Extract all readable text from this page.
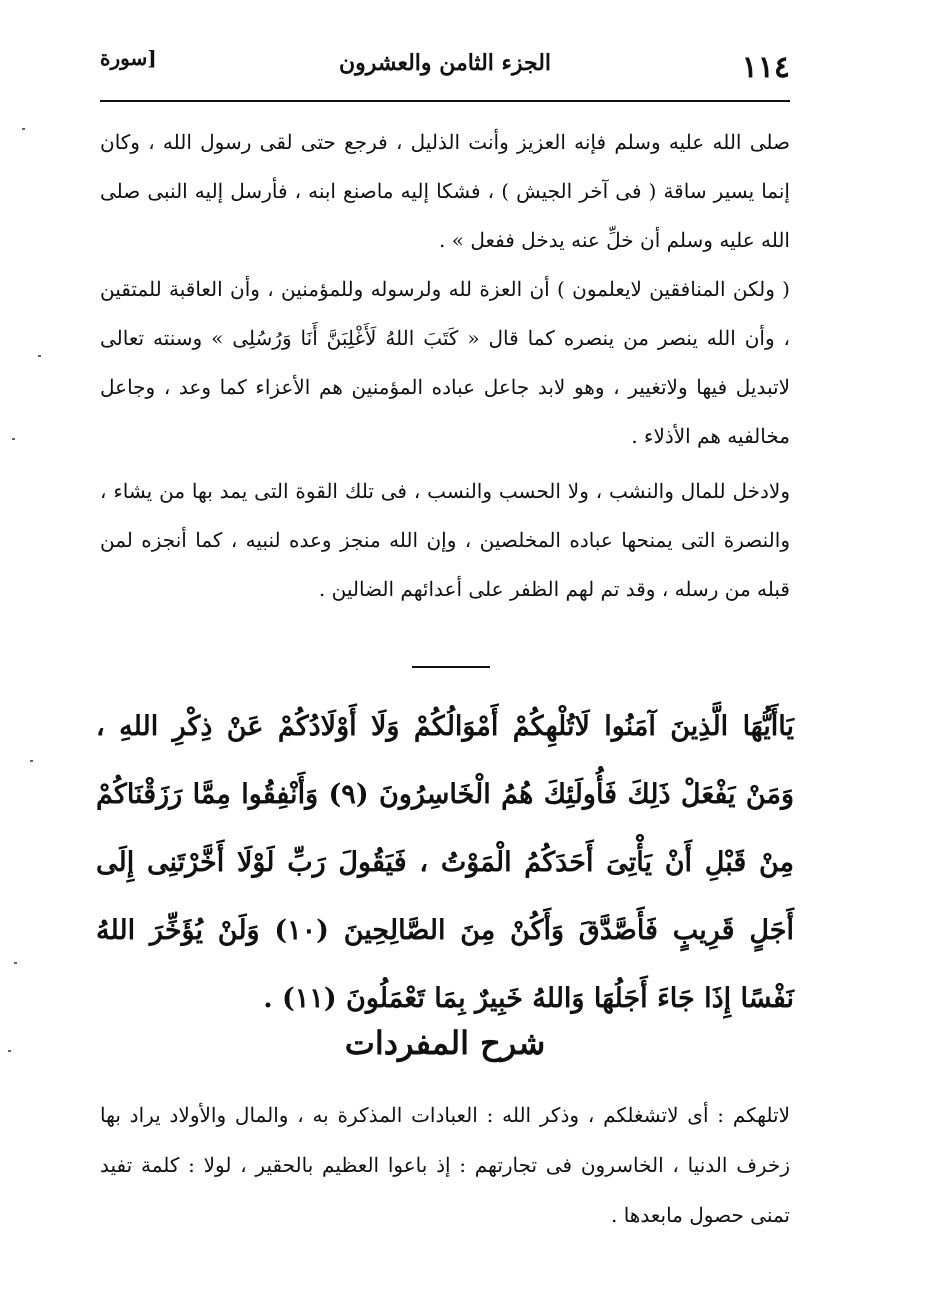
١١٤
الجزء الثامن والعشرون
[سورة

صلى الله عليه وسلم فإنه العزيز وأنت الذليل ، فرجع حتى لقى رسول الله ، وكان إنما يسير ساقة ( فى آخر الجيش ) ، فشكا إليه ماصنع ابنه ، فأرسل إليه النبى صلى الله عليه وسلم أن خلِّ عنه يدخل ففعل » .

( ولكن المنافقين لايعلمون ) أن العزة لله ولرسوله وللمؤمنين ، وأن العاقبة للمتقين ، وأن الله ينصر من ينصره كما قال « كَتَبَ اللهُ لَأَغْلِبَنَّ أَنَا وَرُسُلِى » وسنته تعالى لاتبديل فيها ولاتغيير ، وهو لابد جاعل عباده المؤمنين هم الأعزاء كما وعد ، وجاعل مخالفيه هم الأذلاء .

ولادخل للمال والنشب ، ولا الحسب والنسب ، فى تلك القوة التى يمد بها من يشاء ، والنصرة التى يمنحها عباده المخلصين ، وإن الله منجز وعده لنبيه ، كما أنجزه لمن قبله من رسله ، وقد تم لهم الظفر على أعدائهم الضالين .

يَاأَيُّهَا الَّذِينَ آمَنُوا لَاتُلْهِكُمْ أَمْوَالُكُمْ وَلَا أَوْلَادُكُمْ عَنْ ذِكْرِ اللهِ ، وَمَنْ يَفْعَلْ ذَلِكَ فَأُولَئِكَ هُمُ الْخَاسِرُونَ (٩) وَأَنْفِقُوا مِمَّا رَزَقْنَاكُمْ مِنْ قَبْلِ أَنْ يَأْتِىَ أَحَدَكُمُ الْمَوْتُ ، فَيَقُولَ رَبِّ لَوْلَا أَخَّرْتَنِى إِلَى أَجَلٍ قَرِيبٍ فَأَصَّدَّقَ وَأَكُنْ مِنَ الصَّالِحِينَ (١٠) وَلَنْ يُؤَخِّرَ اللهُ نَفْسًا إِذَا جَاءَ أَجَلُهَا وَاللهُ خَبِيرٌ بِمَا تَعْمَلُونَ (١١) .
شرح المفردات

لاتلهكم : أى لاتشغلكم ، وذكر الله : العبادات المذكرة به ، والمال والأولاد يراد بها زخرف الدنيا ، الخاسرون فى تجارتهم : إذ باعوا العظيم بالحقير ، لولا : كلمة تفيد تمنى حصول مابعدها .
